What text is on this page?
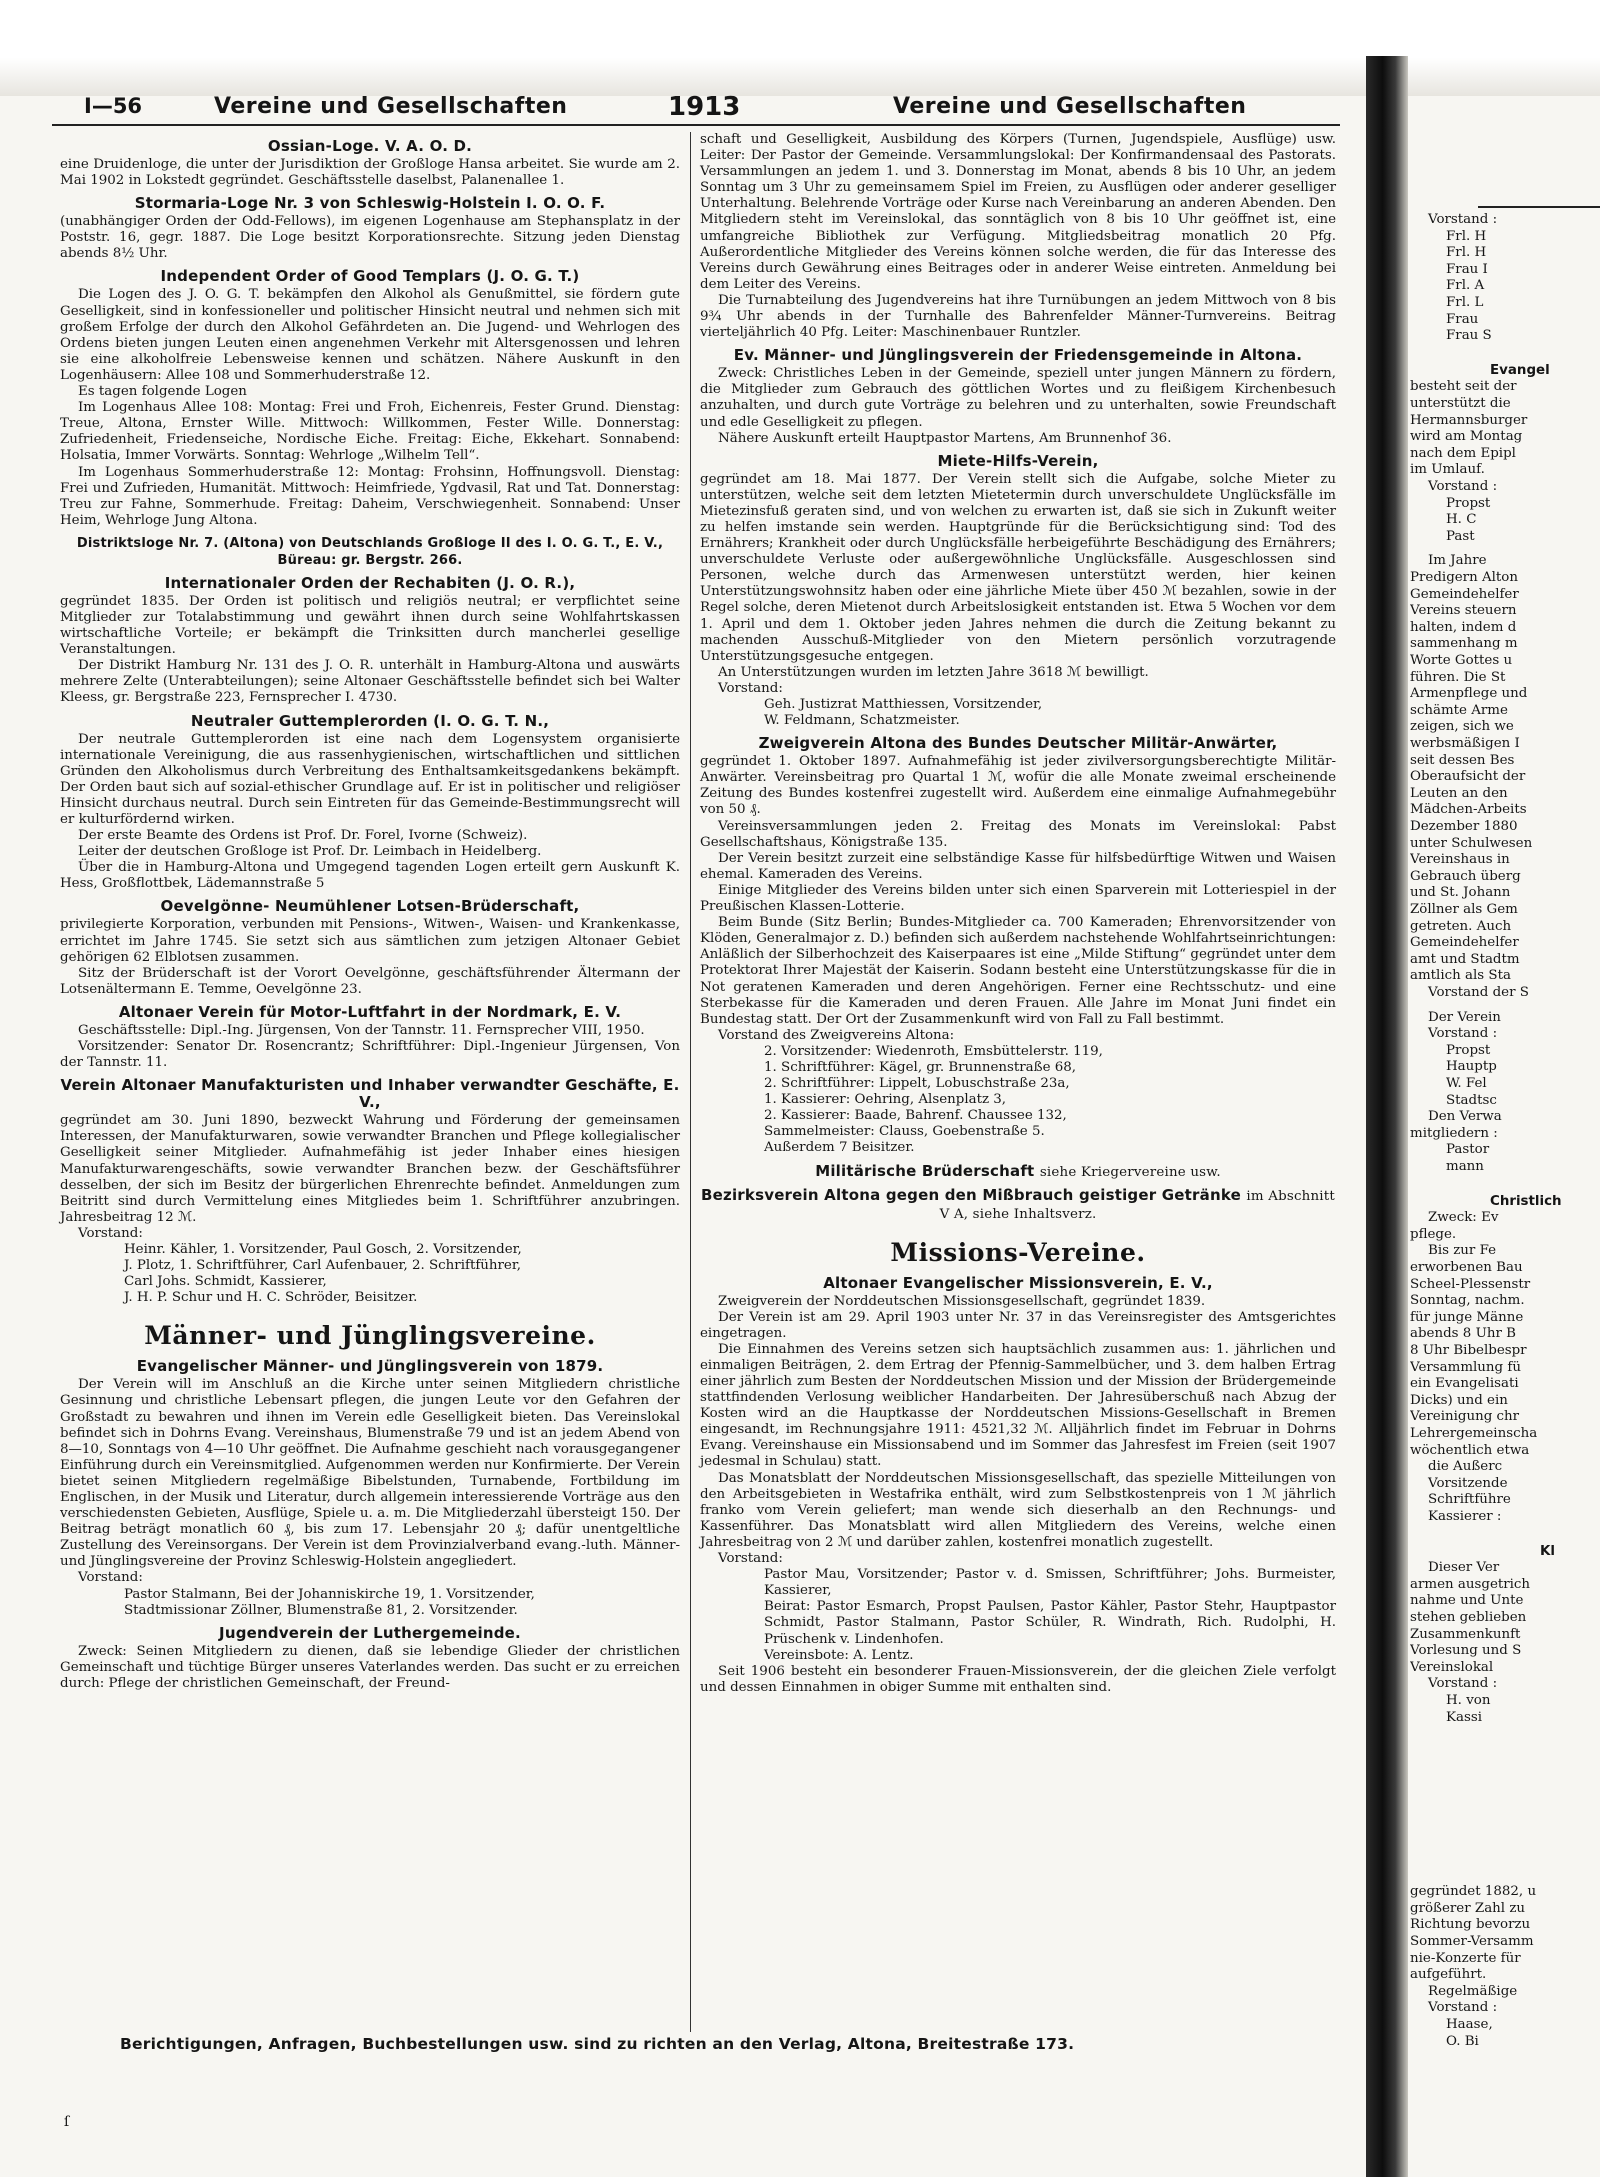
I—56	Vereine und Gesellschaften	1913	Vereine und Gesellschaften
Ossian-Loge. V. A. O. D.

eine Druidenloge, die unter der Jurisdiktion der Großloge Hansa arbeitet. Sie wurde am 2. Mai 1902 in Lokstedt gegründet. Geschäftsstelle daselbst, Palanenallee 1.

Stormaria-Loge Nr. 3 von Schleswig-Holstein I. O. O. F.

(unabhängiger Orden der Odd-Fellows), im eigenen Logenhause am Stephansplatz in der Poststr. 16, gegr. 1887. Die Loge besitzt Korporationsrechte. Sitzung jeden Dienstag abends 8½ Uhr.

Independent Order of Good Templars (J. O. G. T.)

Die Logen des J. O. G. T. bekämpfen den Alkohol als Genußmittel, sie fördern gute Geselligkeit, sind in konfessioneller und politischer Hinsicht neutral und nehmen sich mit großem Erfolge der durch den Alkohol Gefährdeten an. Die Jugend- und Wehrlogen des Ordens bieten jungen Leuten einen angenehmen Verkehr mit Altersgenossen und lehren sie eine alkoholfreie Lebensweise kennen und schätzen. Nähere Auskunft in den Logenhäusern: Allee 108 und Sommerhuderstraße 12.

Es tagen folgende Logen

Im Logenhaus Allee 108: Montag: Frei und Froh, Eichenreis, Fester Grund. Dienstag: Treue, Altona, Ernster Wille. Mittwoch: Willkommen, Fester Wille. Donnerstag: Zufriedenheit, Friedenseiche, Nordische Eiche. Freitag: Eiche, Ekkehart. Sonnabend: Holsatia, Immer Vorwärts. Sonntag: Wehrloge „Wilhelm Tell“.

Im Logenhaus Sommerhuderstraße 12: Montag: Frohsinn, Hoffnungsvoll. Dienstag: Frei und Zufrieden, Humanität. Mittwoch: Heimfriede, Ygdvasil, Rat und Tat. Donnerstag: Treu zur Fahne, Sommerhude. Freitag: Daheim, Verschwiegenheit. Sonnabend: Unser Heim, Wehrloge Jung Altona.

Distriktsloge Nr. 7. (Altona) von Deutschlands Großloge II des I. O. G. T., E. V., Büreau: gr. Bergstr. 266.
Internationaler Orden der Rechabiten (J. O. R.),

gegründet 1835. Der Orden ist politisch und religiös neutral; er verpflichtet seine Mitglieder zur Totalabstimmung und gewährt ihnen durch seine Wohlfahrtskassen wirtschaftliche Vorteile; er bekämpft die Trinksitten durch mancherlei gesellige Veranstaltungen.

Der Distrikt Hamburg Nr. 131 des J. O. R. unterhält in Hamburg-Altona und auswärts mehrere Zelte (Unterabteilungen); seine Altonaer Geschäftsstelle befindet sich bei Walter Kleess, gr. Bergstraße 223, Fernsprecher I. 4730.

Neutraler Guttemplerorden (I. O. G. T. N.,

Der neutrale Guttemplerorden ist eine nach dem Logensystem organisierte internationale Vereinigung, die aus rassenhygienischen, wirtschaftlichen und sittlichen Gründen den Alkoholismus durch Verbreitung des Enthaltsamkeitsgedankens bekämpft. Der Orden baut sich auf sozial-ethischer Grundlage auf. Er ist in politischer und religiöser Hinsicht durchaus neutral. Durch sein Eintreten für das Gemeinde-Bestimmungsrecht will er kulturfördernd wirken.

Der erste Beamte des Ordens ist Prof. Dr. Forel, Ivorne (Schweiz).

Leiter der deutschen Großloge ist Prof. Dr. Leimbach in Heidelberg.

Über die in Hamburg-Altona und Umgegend tagenden Logen erteilt gern Auskunft K. Hess, Großflottbek, Lädemannstraße 5

Oevelgönne- Neumühlener Lotsen-Brüderschaft,

privilegierte Korporation, verbunden mit Pensions-, Witwen-, Waisen- und Krankenkasse, errichtet im Jahre 1745. Sie setzt sich aus sämtlichen zum jetzigen Altonaer Gebiet gehörigen 62 Elblotsen zusammen.

Sitz der Brüderschaft ist der Vorort Oevelgönne, geschäftsführender Ältermann der Lotsenältermann E. Temme, Oevelgönne 23.

Altonaer Verein für Motor-Luftfahrt in der Nordmark, E. V.

Geschäftsstelle: Dipl.-Ing. Jürgensen, Von der Tannstr. 11. Fernsprecher VIII, 1950.

Vorsitzender: Senator Dr. Rosencrantz; Schriftführer: Dipl.-Ingenieur Jürgensen, Von der Tannstr. 11.

Verein Altonaer Manufakturisten und Inhaber verwandter Geschäfte, E. V.,

gegründet am 30. Juni 1890, bezweckt Wahrung und Förderung der gemeinsamen Interessen, der Manufakturwaren, sowie verwandter Branchen und Pflege kollegialischer Geselligkeit seiner Mitglieder. Aufnahmefähig ist jeder Inhaber eines hiesigen Manufakturwarengeschäfts, sowie verwandter Branchen bezw. der Geschäftsführer desselben, der sich im Besitz der bürgerlichen Ehrenrechte befindet. Anmeldungen zum Beitritt sind durch Vermittelung eines Mitgliedes beim 1. Schriftführer anzubringen. Jahresbeitrag 12 ℳ.

Vorstand:

Heinr. Kähler, 1. Vorsitzender, Paul Gosch, 2. Vorsitzender,

J. Plotz, 1. Schriftführer, Carl Aufenbauer, 2. Schriftführer,

Carl Johs. Schmidt, Kassierer,

J. H. P. Schur und H. C. Schröder, Beisitzer.

Männer- und Jünglingsvereine.
Evangelischer Männer- und Jünglingsverein von 1879.

Der Verein will im Anschluß an die Kirche unter seinen Mitgliedern christliche Gesinnung und christliche Lebensart pflegen, die jungen Leute vor den Gefahren der Großstadt zu bewahren und ihnen im Verein edle Geselligkeit bieten. Das Vereinslokal befindet sich in Dohrns Evang. Vereinshaus, Blumenstraße 79 und ist an jedem Abend von 8—10, Sonntags von 4—10 Uhr geöffnet. Die Aufnahme geschieht nach vorausgegangener Einführung durch ein Vereinsmitglied. Aufgenommen werden nur Konfirmierte. Der Verein bietet seinen Mitgliedern regelmäßige Bibelstunden, Turnabende, Fortbildung im Englischen, in der Musik und Literatur, durch allgemein interessierende Vorträge aus den verschiedensten Gebieten, Ausflüge, Spiele u. a. m. Die Mitgliederzahl übersteigt 150. Der Beitrag beträgt monatlich 60 ₰, bis zum 17. Lebensjahr 20 ₰; dafür unentgeltliche Zustellung des Vereinsorgans. Der Verein ist dem Provinzialverband evang.-luth. Männer- und Jünglingsvereine der Provinz Schleswig-Holstein angegliedert.

Vorstand:

Pastor Stalmann, Bei der Johanniskirche 19, 1. Vorsitzender,

Stadtmissionar Zöllner, Blumenstraße 81, 2. Vorsitzender.

Jugendverein der Luthergemeinde.

Zweck: Seinen Mitgliedern zu dienen, daß sie lebendige Glieder der christlichen Gemeinschaft und tüchtige Bürger unseres Vaterlandes werden. Das sucht er zu erreichen durch: Pflege der christlichen Gemeinschaft, der Freund-

schaft und Geselligkeit, Ausbildung des Körpers (Turnen, Jugendspiele, Ausflüge) usw. Leiter: Der Pastor der Gemeinde. Versammlungslokal: Der Konfirmandensaal des Pastorats. Versammlungen an jedem 1. und 3. Donnerstag im Monat, abends 8 bis 10 Uhr, an jedem Sonntag um 3 Uhr zu gemeinsamem Spiel im Freien, zu Ausflügen oder anderer geselliger Unterhaltung. Belehrende Vorträge oder Kurse nach Vereinbarung an anderen Abenden. Den Mitgliedern steht im Vereinslokal, das sonntäglich von 8 bis 10 Uhr geöffnet ist, eine umfangreiche Bibliothek zur Verfügung. Mitgliedsbeitrag monatlich 20 Pfg. Außerordentliche Mitglieder des Vereins können solche werden, die für das Interesse des Vereins durch Gewährung eines Beitrages oder in anderer Weise eintreten. Anmeldung bei dem Leiter des Vereins.

Die Turnabteilung des Jugendvereins hat ihre Turnübungen an jedem Mittwoch von 8 bis 9¾ Uhr abends in der Turnhalle des Bahrenfelder Männer-Turnvereins. Beitrag vierteljährlich 40 Pfg. Leiter: Maschinenbauer Runtzler.

Ev. Männer- und Jünglingsverein der Friedensgemeinde in Altona.

Zweck: Christliches Leben in der Gemeinde, speziell unter jungen Männern zu fördern, die Mitglieder zum Gebrauch des göttlichen Wortes und zu fleißigem Kirchenbesuch anzuhalten, und durch gute Vorträge zu belehren und zu unterhalten, sowie Freundschaft und edle Geselligkeit zu pflegen.

Nähere Auskunft erteilt Hauptpastor Martens, Am Brunnenhof 36.

Miete-Hilfs-Verein,

gegründet am 18. Mai 1877. Der Verein stellt sich die Aufgabe, solche Mieter zu unterstützen, welche seit dem letzten Mietetermin durch unverschuldete Unglücksfälle im Mietezinsfuß geraten sind, und von welchen zu erwarten ist, daß sie sich in Zukunft weiter zu helfen imstande sein werden. Hauptgründe für die Berücksichtigung sind: Tod des Ernährers; Krankheit oder durch Unglücksfälle herbeigeführte Beschädigung des Ernährers; unverschuldete Verluste oder außergewöhnliche Unglücksfälle. Ausgeschlossen sind Personen, welche durch das Armenwesen unterstützt werden, hier keinen Unterstützungswohnsitz haben oder eine jährliche Miete über 450 ℳ bezahlen, sowie in der Regel solche, deren Mietenot durch Arbeitslosigkeit entstanden ist. Etwa 5 Wochen vor dem 1. April und dem 1. Oktober jeden Jahres nehmen die durch die Zeitung bekannt zu machenden Ausschuß-Mitglieder von den Mietern persönlich vorzutragende Unterstützungsgesuche entgegen.

An Unterstützungen wurden im letzten Jahre 3618 ℳ bewilligt.

Vorstand:

Geh. Justizrat Matthiessen, Vorsitzender,

W. Feldmann, Schatzmeister.

Zweigverein Altona des Bundes Deutscher Militär-Anwärter,

gegründet 1. Oktober 1897. Aufnahmefähig ist jeder zivilversorgungsberechtigte Militär-Anwärter. Vereinsbeitrag pro Quartal 1 ℳ, wofür die alle Monate zweimal erscheinende Zeitung des Bundes kostenfrei zugestellt wird. Außerdem eine einmalige Aufnahmegebühr von 50 ₰.

Vereinsversammlungen jeden 2. Freitag des Monats im Vereinslokal: Pabst Gesellschaftshaus, Königstraße 135.

Der Verein besitzt zurzeit eine selbständige Kasse für hilfsbedürftige Witwen und Waisen ehemal. Kameraden des Vereins.

Einige Mitglieder des Vereins bilden unter sich einen Sparverein mit Lotteriespiel in der Preußischen Klassen-Lotterie.

Beim Bunde (Sitz Berlin; Bundes-Mitglieder ca. 700 Kameraden; Ehrenvorsitzender von Klöden, Generalmajor z. D.) befinden sich außerdem nachstehende Wohlfahrtseinrichtungen: Anläßlich der Silberhochzeit des Kaiserpaares ist eine „Milde Stiftung“ gegründet unter dem Protektorat Ihrer Majestät der Kaiserin. Sodann besteht eine Unterstützungskasse für die in Not geratenen Kameraden und deren Angehörigen. Ferner eine Rechtsschutz- und eine Sterbekasse für die Kameraden und deren Frauen. Alle Jahre im Monat Juni findet ein Bundestag statt. Der Ort der Zusammenkunft wird von Fall zu Fall bestimmt.

Vorstand des Zweigvereins Altona:

2. Vorsitzender: Wiedenroth, Emsbüttelerstr. 119,

1. Schriftführer: Kägel, gr. Brunnenstraße 68,

2. Schriftführer: Lippelt, Lobuschstraße 23a,

1. Kassierer: Oehring, Alsenplatz 3,

2. Kassierer: Baade, Bahrenf. Chaussee 132,

Sammelmeister: Clauss, Goebenstraße 5.

Außerdem 7 Beisitzer.

Militärische Brüderschaft siehe Kriegervereine usw.
Bezirksverein Altona gegen den Mißbrauch geistiger Getränke im Abschnitt V A, siehe Inhaltsverz.
Missions-Vereine.
Altonaer Evangelischer Missionsverein, E. V.,

Zweigverein der Norddeutschen Missionsgesellschaft, gegründet 1839.

Der Verein ist am 29. April 1903 unter Nr. 37 in das Vereinsregister des Amtsgerichtes eingetragen.

Die Einnahmen des Vereins setzen sich hauptsächlich zusammen aus: 1. jährlichen und einmaligen Beiträgen, 2. dem Ertrag der Pfennig-Sammelbücher, und 3. dem halben Ertrag einer jährlich zum Besten der Norddeutschen Mission und der Mission der Brüdergemeinde stattfindenden Verlosung weiblicher Handarbeiten. Der Jahresüberschuß nach Abzug der Kosten wird an die Hauptkasse der Norddeutschen Missions-Gesellschaft in Bremen eingesandt, im Rechnungsjahre 1911: 4521,32 ℳ. Alljährlich findet im Februar in Dohrns Evang. Vereinshause ein Missionsabend und im Sommer das Jahresfest im Freien (seit 1907 jedesmal in Schulau) statt.

Das Monatsblatt der Norddeutschen Missionsgesellschaft, das spezielle Mitteilungen von den Arbeitsgebieten in Westafrika enthält, wird zum Selbstkostenpreis von 1 ℳ jährlich franko vom Verein geliefert; man wende sich dieserhalb an den Rechnungs- und Kassenführer. Das Monatsblatt wird allen Mitgliedern des Vereins, welche einen Jahresbeitrag von 2 ℳ und darüber zahlen, kostenfrei monatlich zugestellt.

Vorstand:

Pastor Mau, Vorsitzender; Pastor v. d. Smissen, Schriftführer; Johs. Burmeister, Kassierer,

Beirat: Pastor Esmarch, Propst Paulsen, Pastor Kähler, Pastor Stehr, Hauptpastor Schmidt, Pastor Stalmann, Pastor Schüler, R. Windrath, Rich. Rudolphi, H. Prüschenk v. Lindenhofen.

Vereinsbote: A. Lentz.

Seit 1906 besteht ein besonderer Frauen-Missionsverein, der die gleichen Ziele verfolgt und dessen Einnahmen in obiger Summe mit enthalten sind.

Berichtigungen, Anfragen, Buchbestellungen usw. sind zu richten an den Verlag, Altona, Breitestraße 173.
ſ
Vorstand :
Frl. H
Frl. H
Frau I
Frl. A
Frl. L
Frau
Frau S
Evangel
besteht seit der
unterstützt die
Hermannsburger
wird am Montag
nach dem Epipl
im Umlauf.
Vorstand :
Propst
H. C
Past
Im Jahre
Predigern Alton
Gemeindehelfer
Vereins steuern
halten, indem d
sammenhang m
Worte Gottes u
führen. Die St
Armenpflege und
schämte Arme
zeigen, sich we
werbsmäßigen I
seit dessen Bes
Oberaufsicht der
Leuten an den
Mädchen-Arbeits
Dezember 1880
unter Schulwesen
Vereinshaus in
Gebrauch überg
und St. Johann
Zöllner als Gem
getreten. Auch
Gemeindehelfer
amt und Stadtm
amtlich als Sta
Vorstand der S
Der Verein
Vorstand :
Propst
Hauptp
W. Fel
Stadtsc
Den Verwa
mitgliedern :
Pastor
mann
Christlich
Zweck: Ev
pflege.
Bis zur Fe
erworbenen Bau
Scheel-Plessenstr
Sonntag, nachm.
für junge Männe
abends 8 Uhr B
8 Uhr Bibelbespr
Versammlung fü
ein Evangelisati
Dicks) und ein
Vereinigung chr
Lehrergemeinscha
wöchentlich etwa
die Außerc
Vorsitzende
Schriftführe
Kassierer :
Kl
Dieser Ver
armen ausgetrich
nahme und Unte
stehen geblieben
Zusammenkunft
Vorlesung und S
Vereinslokal
Vorstand :
H. von
Kassi
gegründet 1882, u
größerer Zahl zu
Richtung bevorzu
Sommer-Versamm
nie-Konzerte für
aufgeführt.
Regelmäßige
Vorstand :
Haase,
O. Bi
